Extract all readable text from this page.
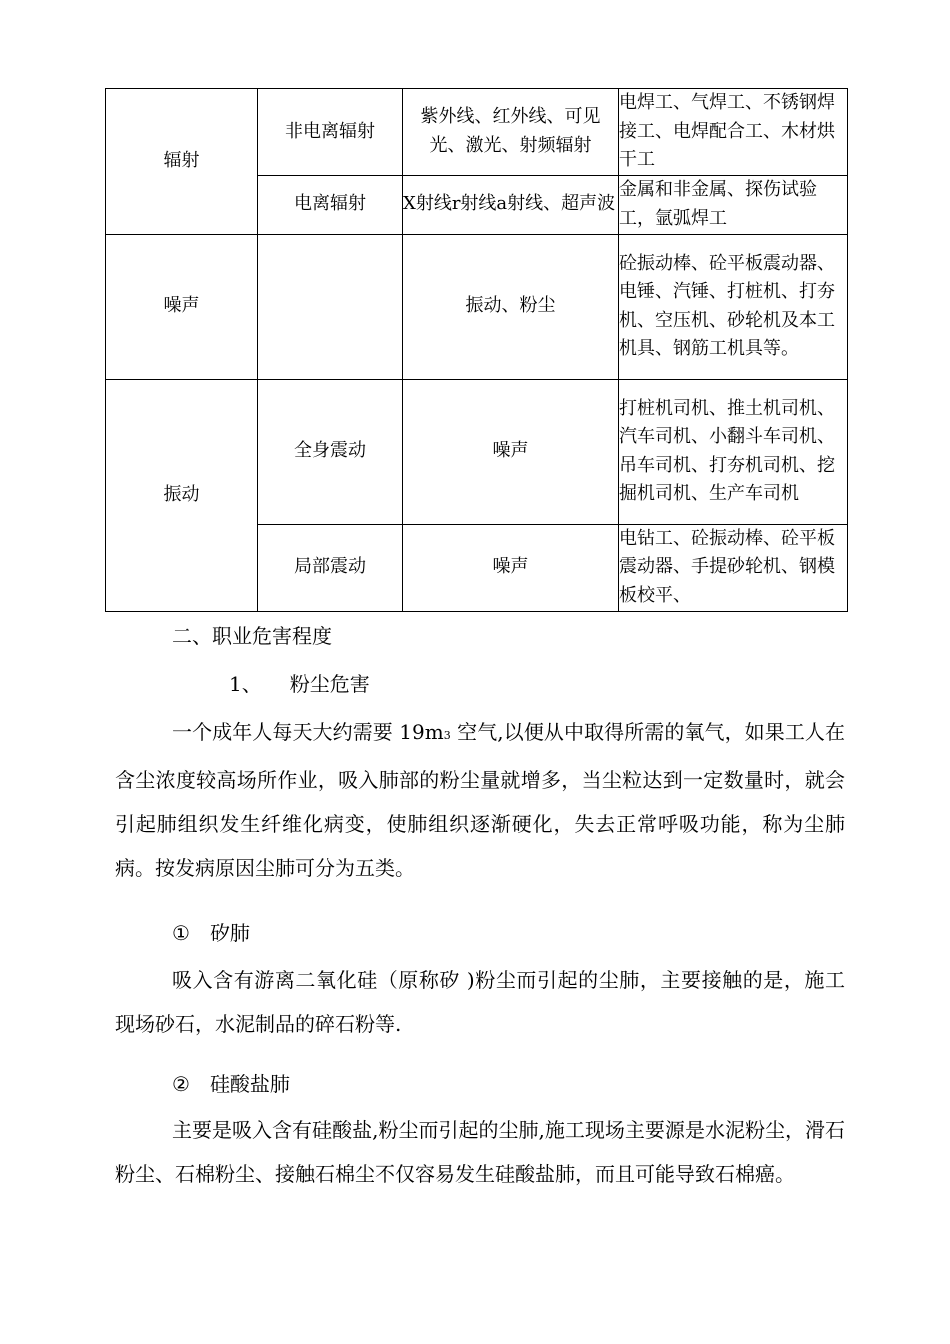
辐射	非电离辐射	紫外线、红外线、可见光、激光、射频辐射	电焊工、气焊工、不锈钢焊接工、电焊配合工、木材烘干工
	电离辐射	X射线r射线a射线、超声波	金属和非金属、探伤试验工，氩弧焊工
噪声		振动、粉尘	砼振动棒、砼平板震动器、电锤、汽锤、打桩机、打夯机、空压机、砂轮机及本工机具、钢筋工机具等。
振动	全身震动	噪声	打桩机司机、推土机司机、汽车司机、小翻斗车司机、吊车司机、打夯机司机、挖掘机司机、生产车司机
	局部震动	噪声	电钻工、砼振动棒、砼平板震动器、手提砂轮机、钢模板校平、
二、职业危害程度
1、 粉尘危害

一个成年人每天大约需要 19m3 空气,以便从中取得所需的氧气，如果工人在含尘浓度较高场所作业，吸入肺部的粉尘量就增多，当尘粒达到一定数量时，就会引起肺组织发生纤维化病变，使肺组织逐渐硬化，失去正常呼吸功能，称为尘肺病。按发病原因尘肺可分为五类。

① 矽肺

吸入含有游离二氧化硅（原称矽 )粉尘而引起的尘肺，主要接触的是，施工现场砂石，水泥制品的碎石粉等.

② 硅酸盐肺

主要是吸入含有硅酸盐,粉尘而引起的尘肺,施工现场主要源是水泥粉尘，滑石粉尘、石棉粉尘、接触石棉尘不仅容易发生硅酸盐肺，而且可能导致石棉癌。
